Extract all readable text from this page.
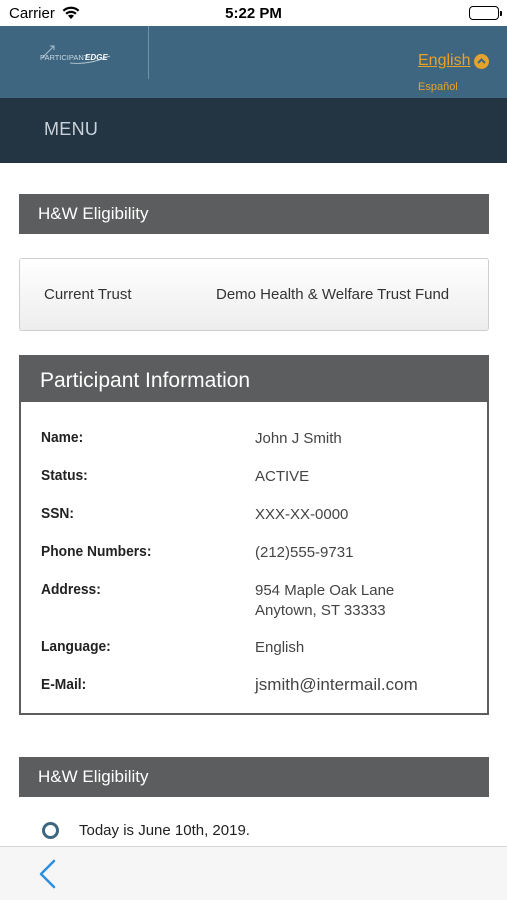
Carrier	5:22 PM
PARTICIPANT
EDGE	English
Español
MENU
H&W Eligibility
Current Trust	Demo Health & Welfare Trust Fund
Participant Information
Name:	John J Smith
Status:	ACTIVE
SSN:	XXX-XX-0000
Phone Numbers:	(212)555-9731
Address:	954 Maple Oak Lane
Anytown, ST 33333
Language:	English
E-Mail:	jsmith@intermail.com
H&W Eligibility
Today is June 10th, 2019.
